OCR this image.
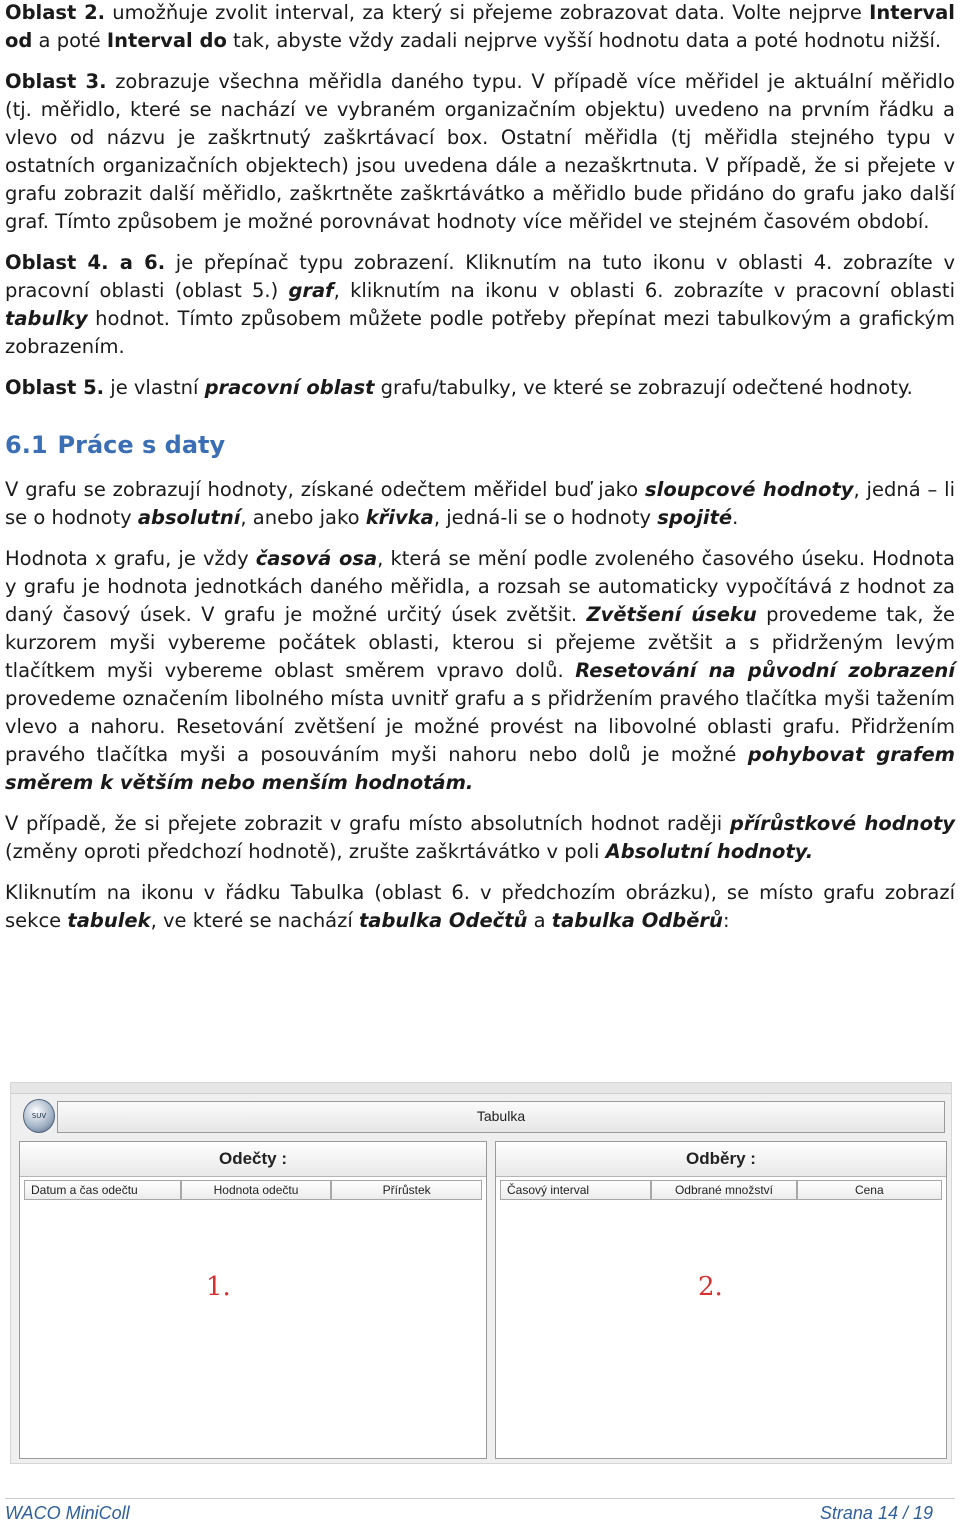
Oblast 2. umožňuje zvolit interval, za který si přejeme zobrazovat data. Volte nejprve Interval od a poté Interval do tak, abyste vždy zadali nejprve vyšší hodnotu data a poté hodnotu nižší.

Oblast 3. zobrazuje všechna měřidla daného typu. V případě více měřidel je aktuální měřidlo (tj. měřidlo, které se nachází ve vybraném organizačním objektu) uvedeno na prvním řádku a vlevo od názvu je zaškrtnutý zaškrtávací box. Ostatní měřidla (tj měřidla stejného typu v ostatních organizačních objektech) jsou uvedena dále a nezaškrtnuta. V případě, že si přejete v grafu zobrazit další měřidlo, zaškrtněte zaškrtávátko a měřidlo bude přidáno do grafu jako další graf. Tímto způsobem je možné porovnávat hodnoty více měřidel ve stejném časovém období.

Oblast 4. a 6. je přepínač typu zobrazení. Kliknutím na tuto ikonu v oblasti 4. zobrazíte v pracovní oblasti (oblast 5.) graf, kliknutím na ikonu v oblasti 6. zobrazíte v pracovní oblasti tabulky hodnot. Tímto způsobem můžete podle potřeby přepínat mezi tabulkovým a grafickým zobrazením.

Oblast 5. je vlastní pracovní oblast grafu/tabulky, ve které se zobrazují odečtené hodnoty.

6.1 Práce s daty

V grafu se zobrazují hodnoty, získané odečtem měřidel buď jako sloupcové hodnoty, jedná – li se o hodnoty absolutní, anebo jako křivka, jedná-li se o hodnoty spojité.

Hodnota x grafu, je vždy časová osa, která se mění podle zvoleného časového úseku. Hodnota y grafu je hodnota jednotkách daného měřidla, a rozsah se automaticky vypočítává z hodnot za daný časový úsek. V grafu je možné určitý úsek zvětšit. Zvětšení úseku provedeme tak, že kurzorem myši vybereme počátek oblasti, kterou si přejeme zvětšit a s přidrženým levým tlačítkem myši vybereme oblast směrem vpravo dolů. Resetování na původní zobrazení provedeme označením libolného místa uvnitř grafu a s přidržením pravého tlačítka myši tažením vlevo a nahoru. Resetování zvětšení je možné provést na libovolné oblasti grafu. Přidržením pravého tlačítka myši a posouváním myši nahoru nebo dolů je možné pohybovat grafem směrem k větším nebo menším hodnotám.

V případě, že si přejete zobrazit v grafu místo absolutních hodnot raději přírůstkové hodnoty (změny oproti předchozí hodnotě), zrušte zaškrtávátko v poli Absolutní hodnoty.

Kliknutím na ikonu v řádku Tabulka (oblast 6. v předchozím obrázku), se místo grafu zobrazí sekce tabulek, ve které se nachází tabulka Odečtů a tabulka Odběrů:

SUV	Tabulka
Odečty :
Datum a čas odečtu	Hodnota odečtu	Přírůstek
1.
Odběry :
Časový interval	Odbrané množství	Cena
2.
WACO MiniColl	Strana 14 / 19
